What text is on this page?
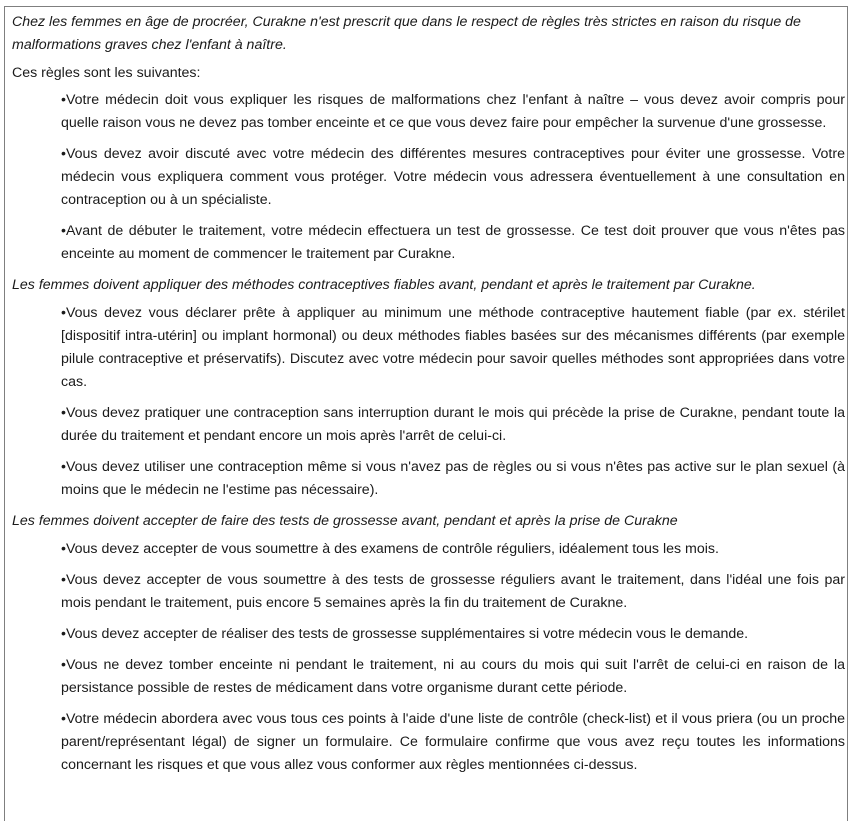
Chez les femmes en âge de procréer, Curakne n'est prescrit que dans le respect de règles très strictes en raison du risque de malformations graves chez l'enfant à naître.

Ces règles sont les suivantes:

•Votre médecin doit vous expliquer les risques de malformations chez l'enfant à naître – vous devez avoir compris pour quelle raison vous ne devez pas tomber enceinte et ce que vous devez faire pour empêcher la survenue d'une grossesse.
•Vous devez avoir discuté avec votre médecin des différentes mesures contraceptives pour éviter une grossesse. Votre médecin vous expliquera comment vous protéger. Votre médecin vous adressera éventuellement à une consultation en contraception ou à un spécialiste.
•Avant de débuter le traitement, votre médecin effectuera un test de grossesse. Ce test doit prouver que vous n'êtes pas enceinte au moment de commencer le traitement par Curakne.

Les femmes doivent appliquer des méthodes contraceptives fiables avant, pendant et après le traitement par Curakne.

•Vous devez vous déclarer prête à appliquer au minimum une méthode contraceptive hautement fiable (par ex. stérilet [dispositif intra-utérin] ou implant hormonal) ou deux méthodes fiables basées sur des mécanismes différents (par exemple pilule contraceptive et préservatifs). Discutez avec votre médecin pour savoir quelles méthodes sont appropriées dans votre cas.
•Vous devez pratiquer une contraception sans interruption durant le mois qui précède la prise de Curakne, pendant toute la durée du traitement et pendant encore un mois après l'arrêt de celui-ci.
•Vous devez utiliser une contraception même si vous n'avez pas de règles ou si vous n'êtes pas active sur le plan sexuel (à moins que le médecin ne l'estime pas nécessaire).

Les femmes doivent accepter de faire des tests de grossesse avant, pendant et après la prise de Curakne

•Vous devez accepter de vous soumettre à des examens de contrôle réguliers, idéalement tous les mois.
•Vous devez accepter de vous soumettre à des tests de grossesse réguliers avant le traitement, dans l'idéal une fois par mois pendant le traitement, puis encore 5 semaines après la fin du traitement de Curakne.
•Vous devez accepter de réaliser des tests de grossesse supplémentaires si votre médecin vous le demande.
•Vous ne devez tomber enceinte ni pendant le traitement, ni au cours du mois qui suit l'arrêt de celui-ci en raison de la persistance possible de restes de médicament dans votre organisme durant cette période.
•Votre médecin abordera avec vous tous ces points à l'aide d'une liste de contrôle (check-list) et il vous priera (ou un proche parent/représentant légal) de signer un formulaire. Ce formulaire confirme que vous avez reçu toutes les informations concernant les risques et que vous allez vous conformer aux règles mentionnées ci-dessus.
